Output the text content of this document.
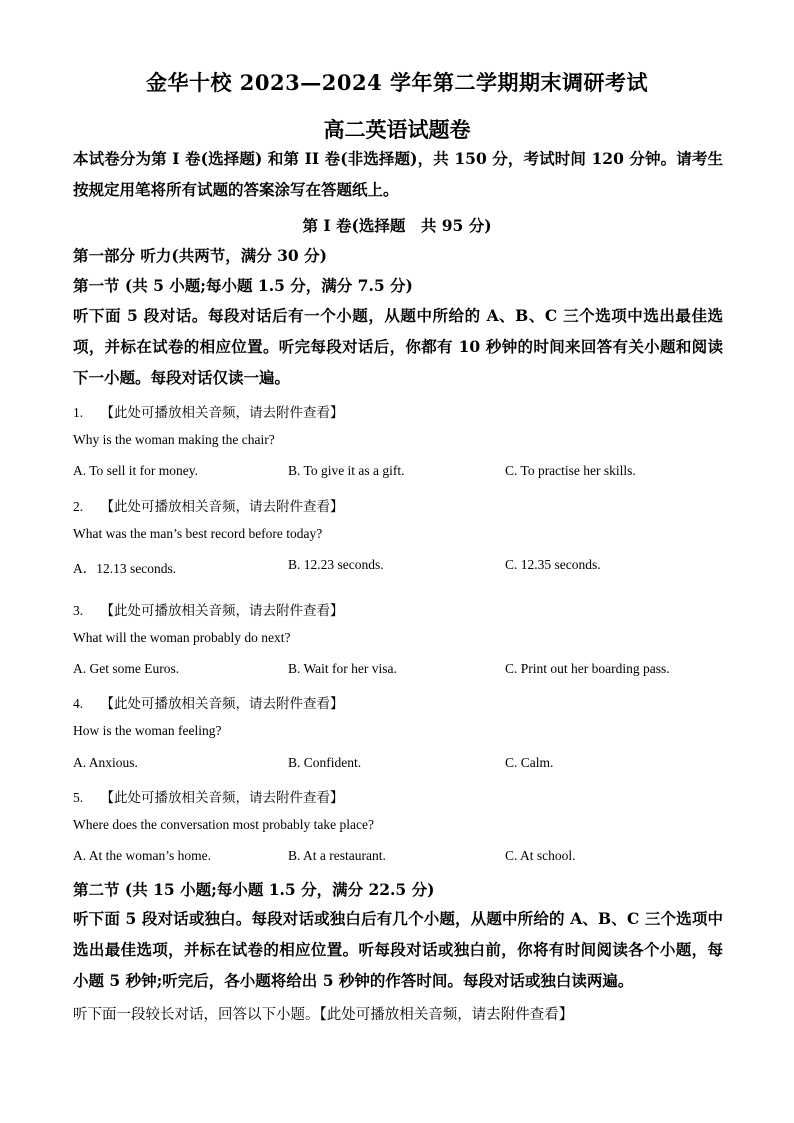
金华十校 2023—2024 学年第二学期期末调研考试
高二英语试题卷
本试卷分为第 I 卷(选择题) 和第 II 卷(非选择题)，共 150 分，考试时间 120 分钟。请考生按规定用笔将所有试题的答案涂写在答题纸上。
第 I 卷(选择题　共 95 分)
第一部分 听力(共两节，满分 30 分)
第一节 (共 5 小题;每小题 1.5 分，满分 7.5 分)
听下面 5 段对话。每段对话后有一个小题，从题中所给的 A、B、C 三个选项中选出最佳选项，并标在试卷的相应位置。听完每段对话后，你都有 10 秒钟的时间来回答有关小题和阅读下一小题。每段对话仅读一遍。
1. 【此处可播放相关音频，请去附件查看】
Why is the woman making the chair?
A. To sell it for money.	B. To give it as a gift.	C. To practise her skills.
2. 【此处可播放相关音频，请去附件查看】
What was the man’s best record before today?
A．12.13 seconds.	B. 12.23 seconds.	C. 12.35 seconds.
3. 【此处可播放相关音频，请去附件查看】
What will the woman probably do next?
A. Get some Euros.	B. Wait for her visa.	C. Print out her boarding pass.
4. 【此处可播放相关音频，请去附件查看】
How is the woman feeling?
A. Anxious.	B. Confident.	C. Calm.
5. 【此处可播放相关音频，请去附件查看】
Where does the conversation most probably take place?
A. At the woman’s home.	B. At a restaurant.	C. At school.
第二节 (共 15 小题;每小题 1.5 分，满分 22.5 分)
听下面 5 段对话或独白。每段对话或独白后有几个小题，从题中所给的 A、B、C 三个选项中选出最佳选项，并标在试卷的相应位置。听每段对话或独白前，你将有时间阅读各个小题，每小题 5 秒钟;听完后，各小题将给出 5 秒钟的作答时间。每段对话或独白读两遍。
听下面一段较长对话，回答以下小题。【此处可播放相关音频，请去附件查看】
